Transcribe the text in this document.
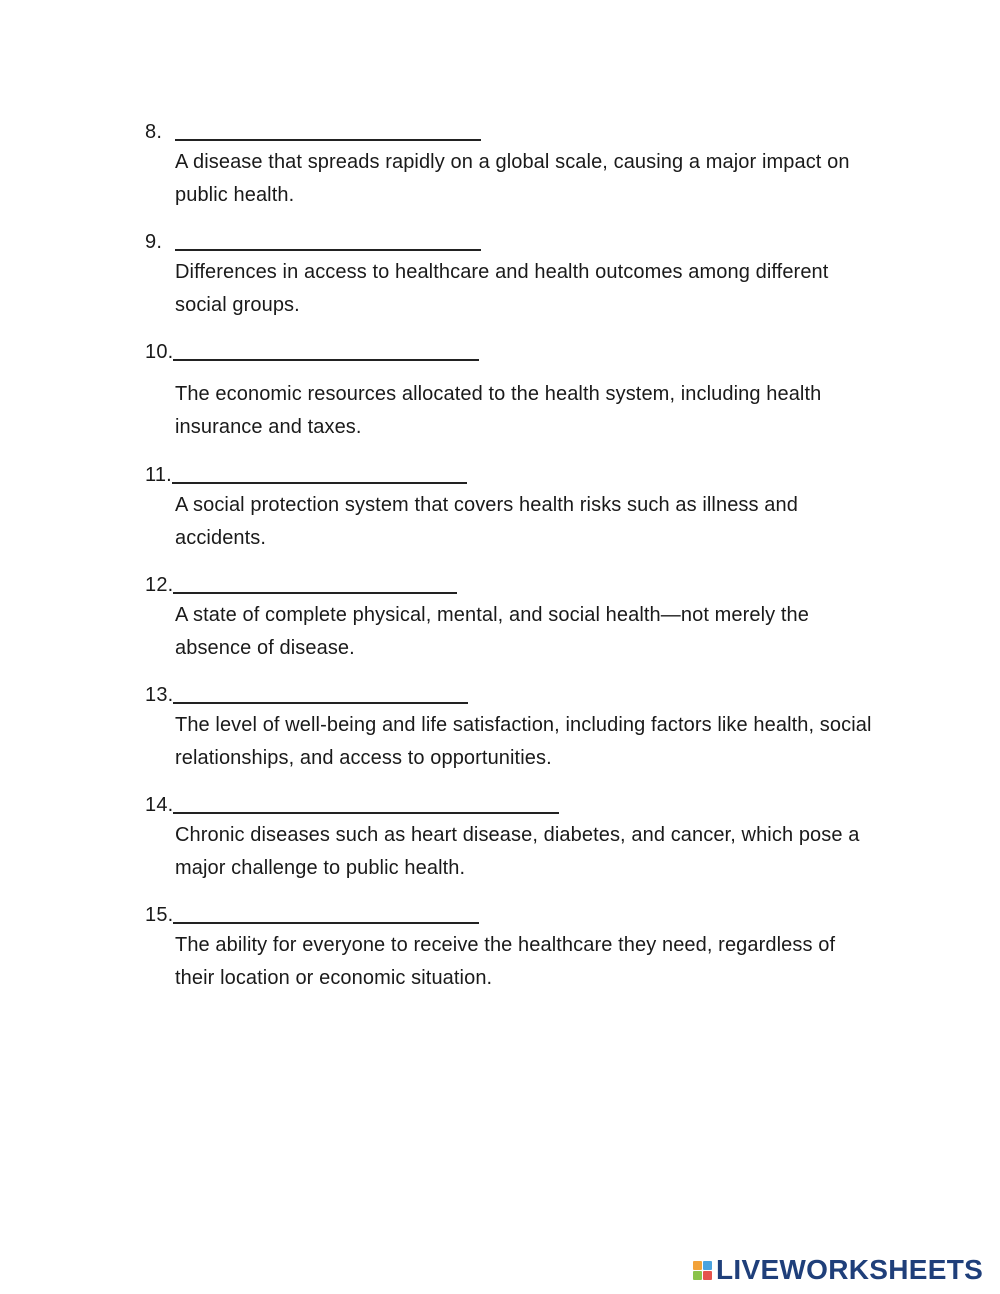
8.

A disease that spreads rapidly on a global scale, causing a major impact on public health.

9.

Differences in access to healthcare and health outcomes among different social groups.

10.

The economic resources allocated to the health system, including health insurance and taxes.

11.

A social protection system that covers health risks such as illness and accidents.

12.

A state of complete physical, mental, and social health—not merely the absence of disease.

13.

The level of well-being and life satisfaction, including factors like health, social relationships, and access to opportunities.

14.

Chronic diseases such as heart disease, diabetes, and cancer, which pose a major challenge to public health.

15.

The ability for everyone to receive the healthcare they need, regardless of their location or economic situation.

LIVEWORKSHEETS
